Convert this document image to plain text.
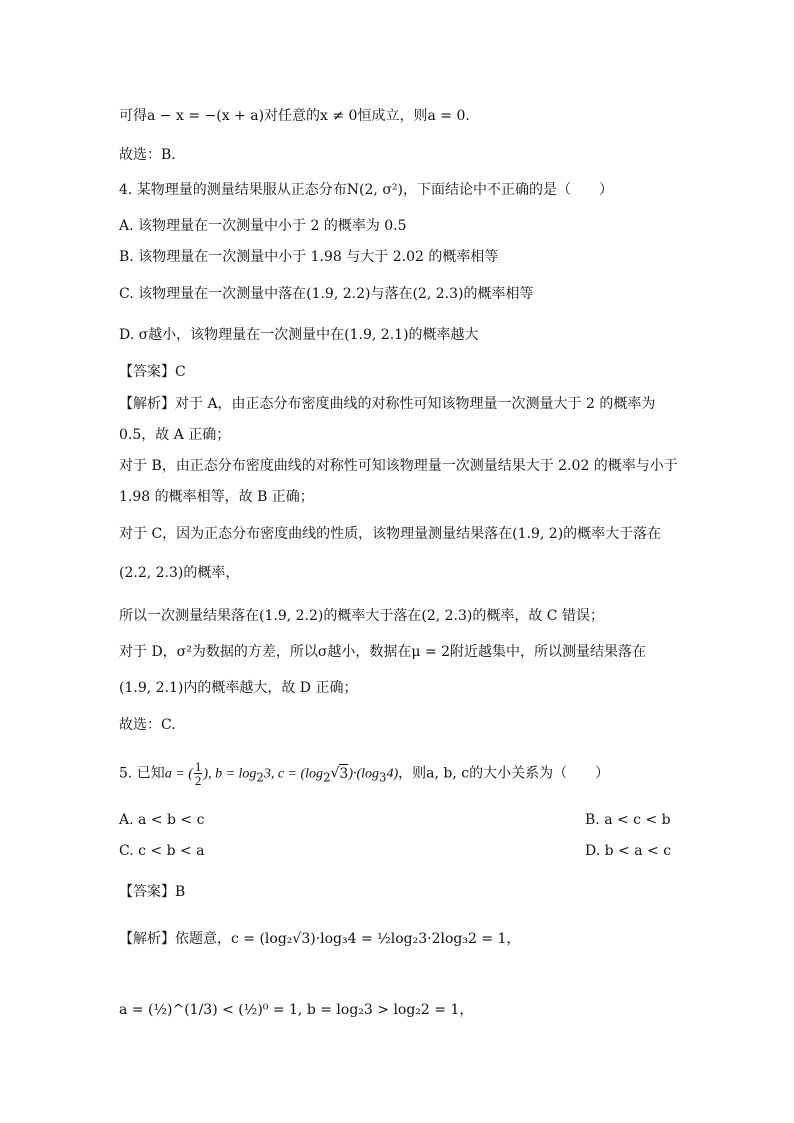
可得a − x = −(x + a)对任意的x ≠ 0恒成立，则a = 0．
故选：B.
4. 某物理量的测量结果服从正态分布N(2, σ²)，下面结论中不正确的是（　　）
A. 该物理量在一次测量中小于 2 的概率为 0.5
B. 该物理量在一次测量中小于 1.98 与大于 2.02 的概率相等
C. 该物理量在一次测量中落在(1.9, 2.2)与落在(2, 2.3)的概率相等
D. σ越小，该物理量在一次测量中在(1.9, 2.1)的概率越大
【答案】C
【解析】对于 A，由正态分布密度曲线的对称性可知该物理量一次测量大于 2 的概率为
0.5，故 A 正确；
对于 B，由正态分布密度曲线的对称性可知该物理量一次测量结果大于 2.02 的概率与小于
1.98 的概率相等，故 B 正确；
对于 C，因为正态分布密度曲线的性质，该物理量测量结果落在(1.9, 2)的概率大于落在
(2.2, 2.3)的概率，
所以一次测量结果落在(1.9, 2.2)的概率大于落在(2, 2.3)的概率，故 C 错误；
对于 D，σ²为数据的方差，所以σ越小，数据在μ = 2附近越集中，所以测量结果落在
(1.9, 2.1)内的概率越大，故 D 正确；
故选：C.
5. 已知a = ( $\frac{1}{2}$ ), $b = \log_23$, $c = (\log_2√3)\cdot(\log_34)$，则a, b, c的大小关系为（　　）
A. a < b < c	B. a < c < b
C. c < b < a	D. b < a < c
【答案】B
【解析】依题意，c = (log₂√3)·log₃4 = ½log₂3·2log₃2 = 1，
a = (½)^(1/3) < (½)⁰ = 1, b = log₂3 > log₂2 = 1，
